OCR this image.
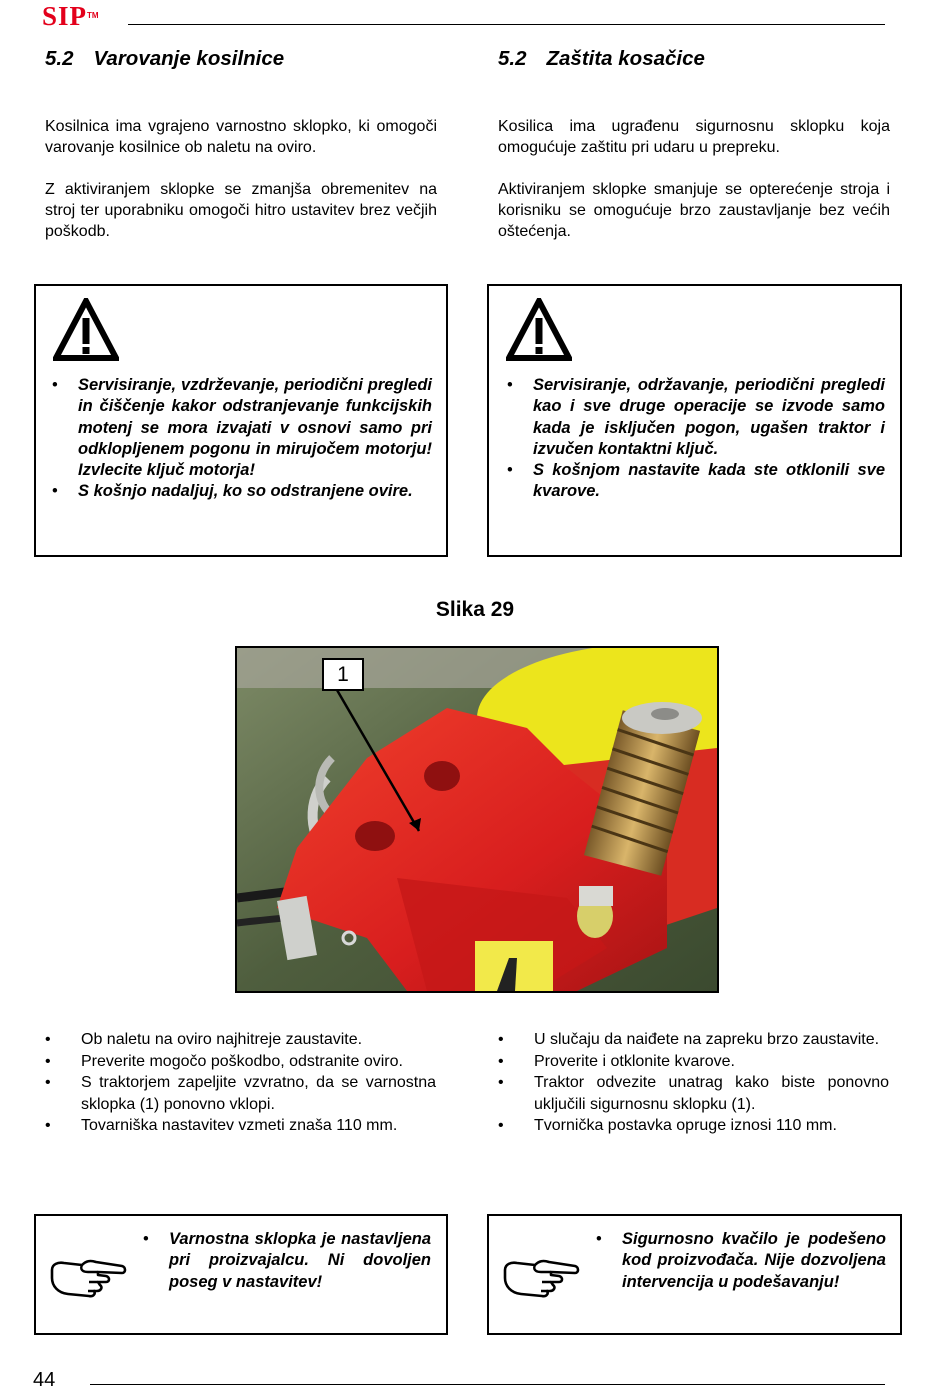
SIP™
5.2 Varovanje kosilnice	5.2 Zaštita kosačice

Kosilnica ima vgrajeno varnostno sklopko, ki omogoči varovanje kosilnice ob naletu na oviro.

Z aktiviranjem sklopke se zmanjša obremenitev na stroj ter uporabniku omogoči hitro ustavitev brez večjih poškodb.

Kosilica ima ugrađenu sigurnosnu sklopku koja omogućuje zaštitu pri udaru u prepreku.

Aktiviranjem sklopke smanjuje se opterećenje stroja i korisniku se omogućuje brzo zaustavljanje bez većih oštećenja.

• Servisiranje, vzdrževanje, periodični pregledi in čiščenje kakor odstranjevanje funkcijskih motenj se mora izvajati v osnovi samo pri odklopljenem pogonu in mirujočem motorju! Izvlecite ključ motorja!
• S košnjo nadaljuj, ko so odstranjene ovire.
• Servisiranje, održavanje, periodični pregledi kao i sve druge operacije se izvode samo kada je isključen pogon, ugašen traktor i izvučen kontaktni ključ.
• S košnjom nastavite kada ste otklonili sve kvarove.
Slika 29
1
• Ob naletu na oviro najhitreje zaustavite.
• Preverite mogočo poškodbo, odstranite oviro.
• S traktorjem zapeljite vzvratno, da se varnostna sklopka (1) ponovno vklopi.
• Tovarniška nastavitev vzmeti znaša 110 mm.
• U slučaju da naiđete na zapreku brzo zaustavite.
• Proverite i otklonite kvarove.
• Traktor odvezite unatrag kako biste ponovno uključili sigurnosnu sklopku (1).
• Tvornička postavka opruge iznosi 110 mm.
• Varnostna sklopka je nastavljena pri proizvajalcu. Ni dovoljen poseg v nastavitev!
• Sigurnosno kvačilo je podešeno kod proizvođača. Nije dozvoljena intervencija u podešavanju!
44
